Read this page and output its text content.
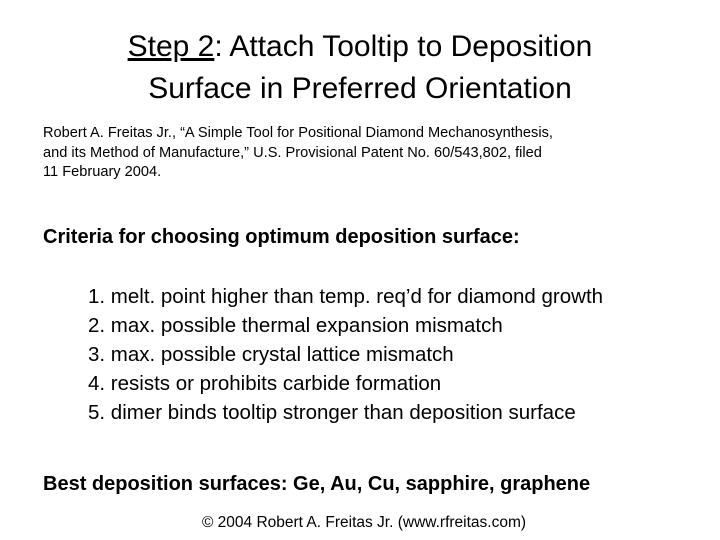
Step 2: Attach Tooltip to Deposition
Surface in Preferred Orientation

Robert A. Freitas Jr., “A Simple Tool for Positional Diamond Mechanosynthesis,
and its Method of Manufacture,” U.S. Provisional Patent No. 60/543,802, filed
11 February 2004.

Criteria for choosing optimum deposition surface:

1. melt. point higher than temp. req’d for diamond growth
2. max. possible thermal expansion mismatch
3. max. possible crystal lattice mismatch
4. resists or prohibits carbide formation
5. dimer binds tooltip stronger than deposition surface

Best deposition surfaces: Ge, Au, Cu, sapphire, graphene

© 2004 Robert A. Freitas Jr. (www.rfreitas.com)
